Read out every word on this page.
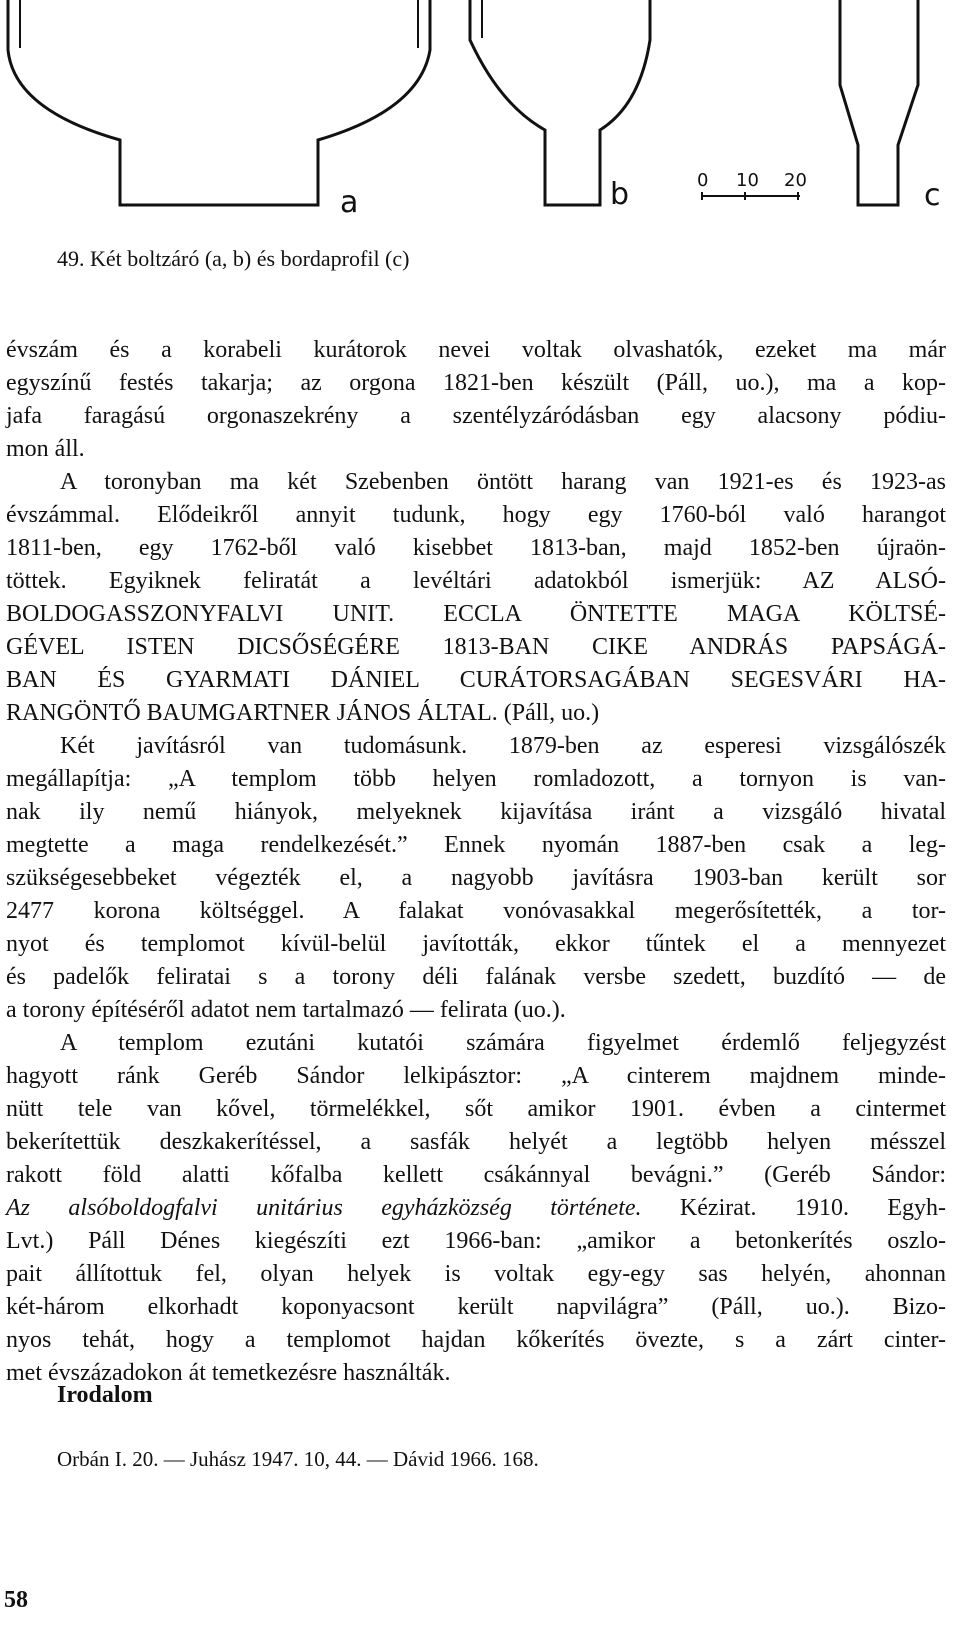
a	b	0 10 20	c
49. Két boltzáró (a, b) és bordaprofil (c)
évszám és a korabeli kurátorok nevei voltak olvashatók, ezeket ma már
egyszínű festés takarja; az orgona 1821-ben készült (Páll, uo.), ma a kop-
jafa faragású orgonaszekrény a szentélyzáródásban egy alacsony pódiu-
mon áll.
A toronyban ma két Szebenben öntött harang van 1921-es és 1923-as
évszámmal. Elődeikről annyit tudunk, hogy egy 1760-ból való harangot
1811-ben, egy 1762-ből való kisebbet 1813-ban, majd 1852-ben újraön-
töttek. Egyiknek feliratát a levéltári adatokból ismerjük: AZ ALSÓ-
BOLDOGASSZONYFALVI UNIT. ECCLA ÖNTETTE MAGA KÖLTSÉ-
GÉVEL ISTEN DICSŐSÉGÉRE 1813-BAN CIKE ANDRÁS PAPSÁGÁ-
BAN ÉS GYARMATI DÁNIEL CURÁTORSAGÁBAN SEGESVÁRI HA-
RANGÖNTŐ BAUMGARTNER JÁNOS ÁLTAL. (Páll, uo.)
Két javításról van tudomásunk. 1879-ben az esperesi vizsgálószék
megállapítja: „A templom több helyen romladozott, a tornyon is van-
nak ily nemű hiányok, melyeknek kijavítása iránt a vizsgáló hivatal
megtette a maga rendelkezését.” Ennek nyomán 1887-ben csak a leg-
szükségesebbeket végezték el, a nagyobb javításra 1903-ban került sor
2477 korona költséggel. A falakat vonóvasakkal megerősítették, a tor-
nyot és templomot kívül-belül javították, ekkor tűntek el a mennyezet
és padelők feliratai s a torony déli falának versbe szedett, buzdító — de
a torony építéséről adatot nem tartalmazó — felirata (uo.).
A templom ezutáni kutatói számára figyelmet érdemlő feljegyzést
hagyott ránk Geréb Sándor lelkipásztor: „A cinterem majdnem minde-
nütt tele van kővel, törmelékkel, sőt amikor 1901. évben a cintermet
bekerítettük deszkakerítéssel, a sasfák helyét a legtöbb helyen mésszel
rakott föld alatti kőfalba kellett csákánnyal bevágni.” (Geréb Sándor:
Az alsóboldogfalvi unitárius egyházközség története. Kézirat. 1910. Egyh-
Lvt.) Páll Dénes kiegészíti ezt 1966-ban: „amikor a betonkerítés oszlo-
pait állítottuk fel, olyan helyek is voltak egy-egy sas helyén, ahonnan
két-három elkorhadt koponyacsont került napvilágra” (Páll, uo.). Bizo-
nyos tehát, hogy a templomot hajdan kőkerítés övezte, s a zárt cinter-
met évszázadokon át temetkezésre használták.
Irodalom
Orbán I. 20. — Juhász 1947. 10, 44. — Dávid 1966. 168.
58
